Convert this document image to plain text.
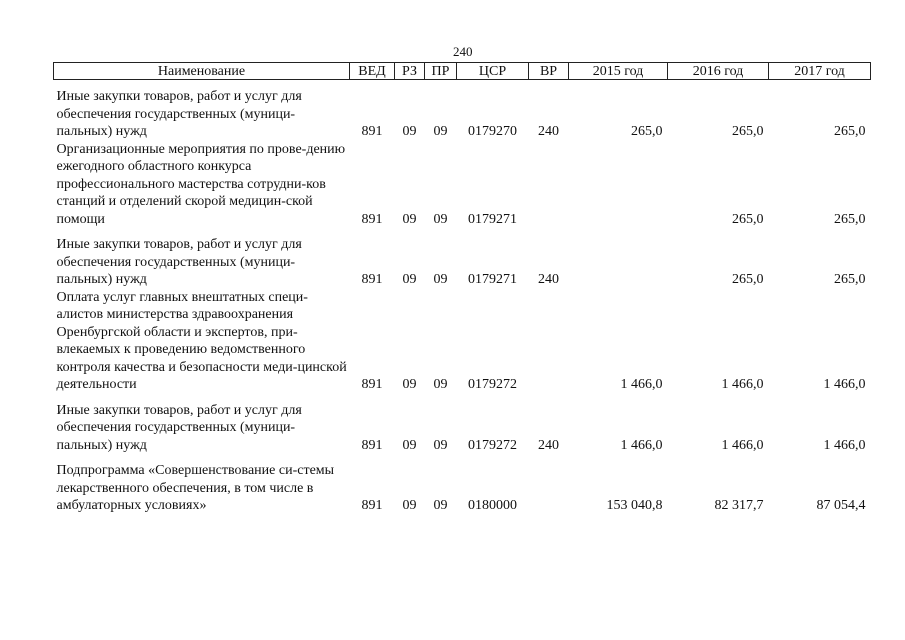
240
Наименование	ВЕД	РЗ	ПР	ЦСР	ВР	2015 год	2016 год	2017 год
Иные закупки товаров, работ и услуг для обеспечения государственных (муници-пальных) нужд	891	09	09	0179270	240	265,0	265,0	265,0
Организационные мероприятия по прове-дению ежегодного областного конкурса профессионального мастерства сотрудни-ков станций и отделений скорой медицин-ской помощи	891	09	09	0179271			265,0	265,0
Иные закупки товаров, работ и услуг для обеспечения государственных (муници-пальных) нужд	891	09	09	0179271	240		265,0	265,0
Оплата услуг главных внештатных специ-алистов министерства здравоохранения Оренбургской области и экспертов, при-влекаемых к проведению ведомственного контроля качества и безопасности меди-цинской деятельности	891	09	09	0179272		1 466,0	1 466,0	1 466,0
Иные закупки товаров, работ и услуг для обеспечения государственных (муници-пальных) нужд	891	09	09	0179272	240	1 466,0	1 466,0	1 466,0
Подпрограмма «Совершенствование си-стемы лекарственного обеспечения, в том числе в амбулаторных условиях»	891	09	09	0180000		153 040,8	82 317,7	87 054,4
